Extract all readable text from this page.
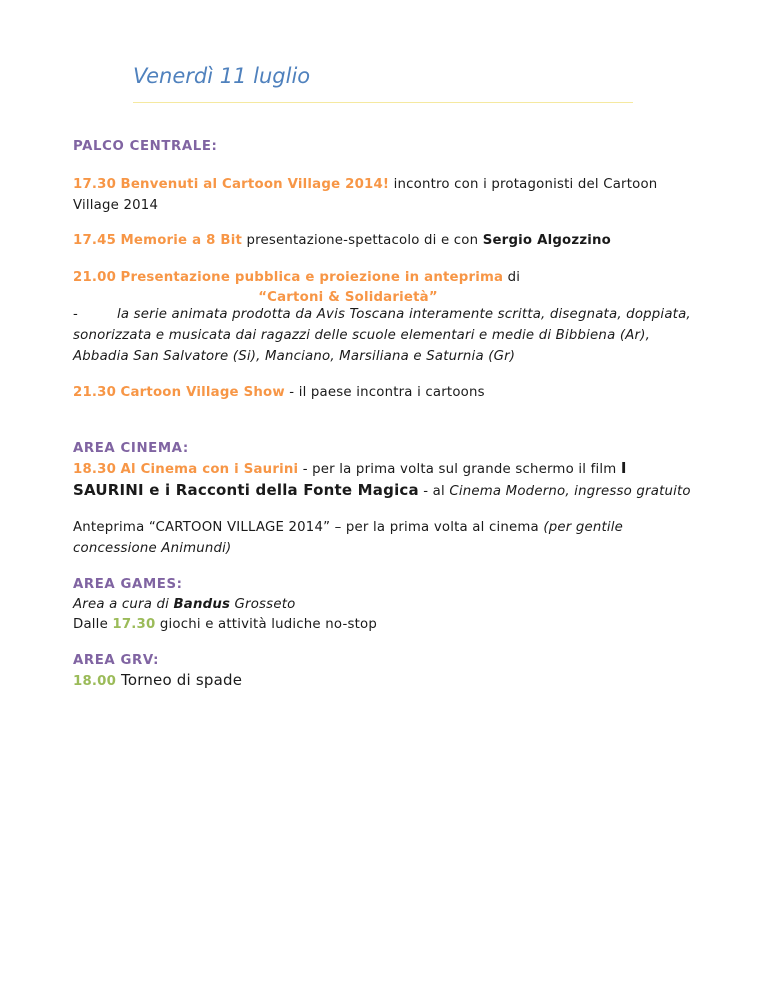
Venerdì 11 luglio
PALCO CENTRALE:
17.30 Benvenuti al Cartoon Village 2014! incontro con i protagonisti del Cartoon Village 2014
17.45 Memorie a 8 Bit presentazione-spettacolo di e con Sergio Algozzino
21.00 Presentazione pubblica e proiezione in anteprima di
“Cartoni & Solidarietà”
-	la serie animata prodotta da Avis Toscana interamente scritta, disegnata, doppiata, sonorizzata e musicata dai ragazzi delle scuole elementari e medie di Bibbiena (Ar), Abbadia San Salvatore (Si), Manciano, Marsiliana e Saturnia (Gr)
21.30 Cartoon Village Show - il paese incontra i cartoons
AREA CINEMA:
18.30 Al Cinema con i Saurini - per la prima volta sul grande schermo il film I SAURINI e i Racconti della Fonte Magica - al Cinema Moderno, ingresso gratuito
Anteprima “CARTOON VILLAGE 2014” – per la prima volta al cinema (per gentile concessione Animundi)
AREA GAMES:
Area a cura di Bandus Grosseto
Dalle 17.30 giochi e attività ludiche no-stop
AREA GRV:
18.00 Torneo di spade
